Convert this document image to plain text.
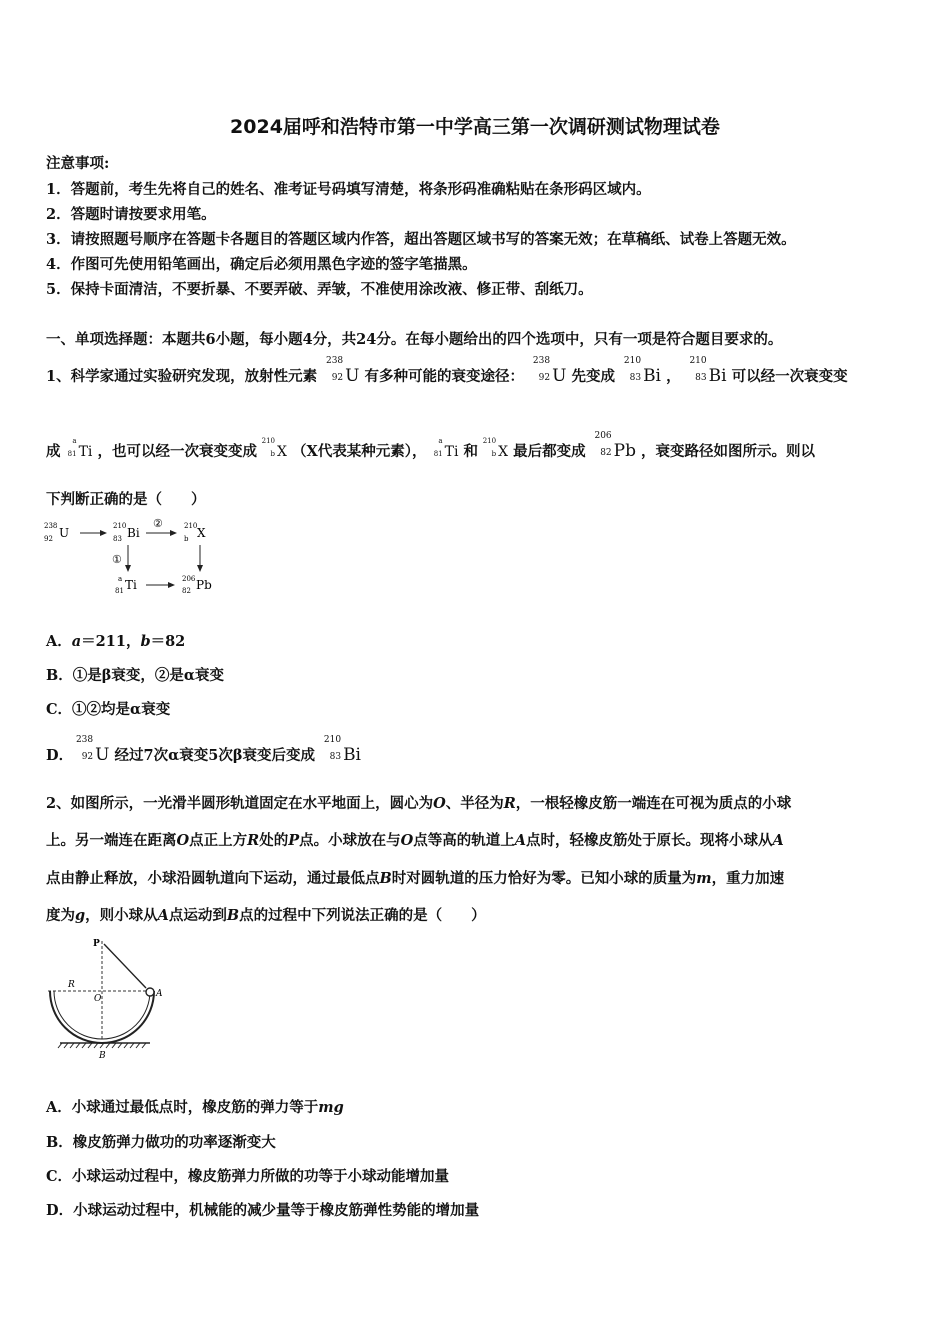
2024届呼和浩特市第一中学高三第一次调研测试物理试卷
注意事项:
1．答题前，考生先将自己的姓名、准考证号码填写清楚，将条形码准确粘贴在条形码区域内。
2．答题时请按要求用笔。
3．请按照题号顺序在答题卡各题目的答题区域内作答，超出答题区域书写的答案无效；在草稿纸、试卷上答题无效。
4．作图可先使用铅笔画出，确定后必须用黑色字迹的签字笔描黑。
5．保持卡面清洁，不要折暴、不要弄破、弄皱，不准使用涂改液、修正带、刮纸刀。
一、单项选择题：本题共6小题，每小题4分，共24分。在每小题给出的四个选项中，只有一项是符合题目要求的。
1、科学家通过实验研究发现，放射性元素
238
92 U 有多种可能的衰变途径：
238
92 U 先变成
210
83 Bi ，
210
83 Bi 可以经一次衰变变
成
a
81 Ti ，也可以经一次衰变变成
210
b X （X代表某种元素），
a
81 Ti 和
210
b X 最后都变成
206
82 Pb ，衰变路径如图所示。则以
下判断正确的是（　　）
238
92 U	210
83 Bi
②	210
b X
①
a
81 Ti	206
82 Pb
A．a＝211，b＝82
B．①是β衰变，②是α衰变
C．①②均是α衰变
D．
238
92 U 经过7次α衰变5次β衰变后变成
210
83 Bi
2、如图所示，一光滑半圆形轨道固定在水平地面上，圆心为O、半径为R，一根轻橡皮筋一端连在可视为质点的小球
上。另一端连在距离O点正上方R处的P点。小球放在与O点等高的轨道上A点时，轻橡皮筋处于原长。现将小球从A
点由静止释放，小球沿圆轨道向下运动，通过最低点B时对圆轨道的压力恰好为零。已知小球的质量为m，重力加速
度为g，则小球从A点运动到B点的过程中下列说法正确的是（　　）
P
R
O	A
B
A．小球通过最低点时，橡皮筋的弹力等于mg
B．橡皮筋弹力做功的功率逐渐变大
C．小球运动过程中，橡皮筋弹力所做的功等于小球动能增加量
D．小球运动过程中，机械能的减少量等于橡皮筋弹性势能的增加量
